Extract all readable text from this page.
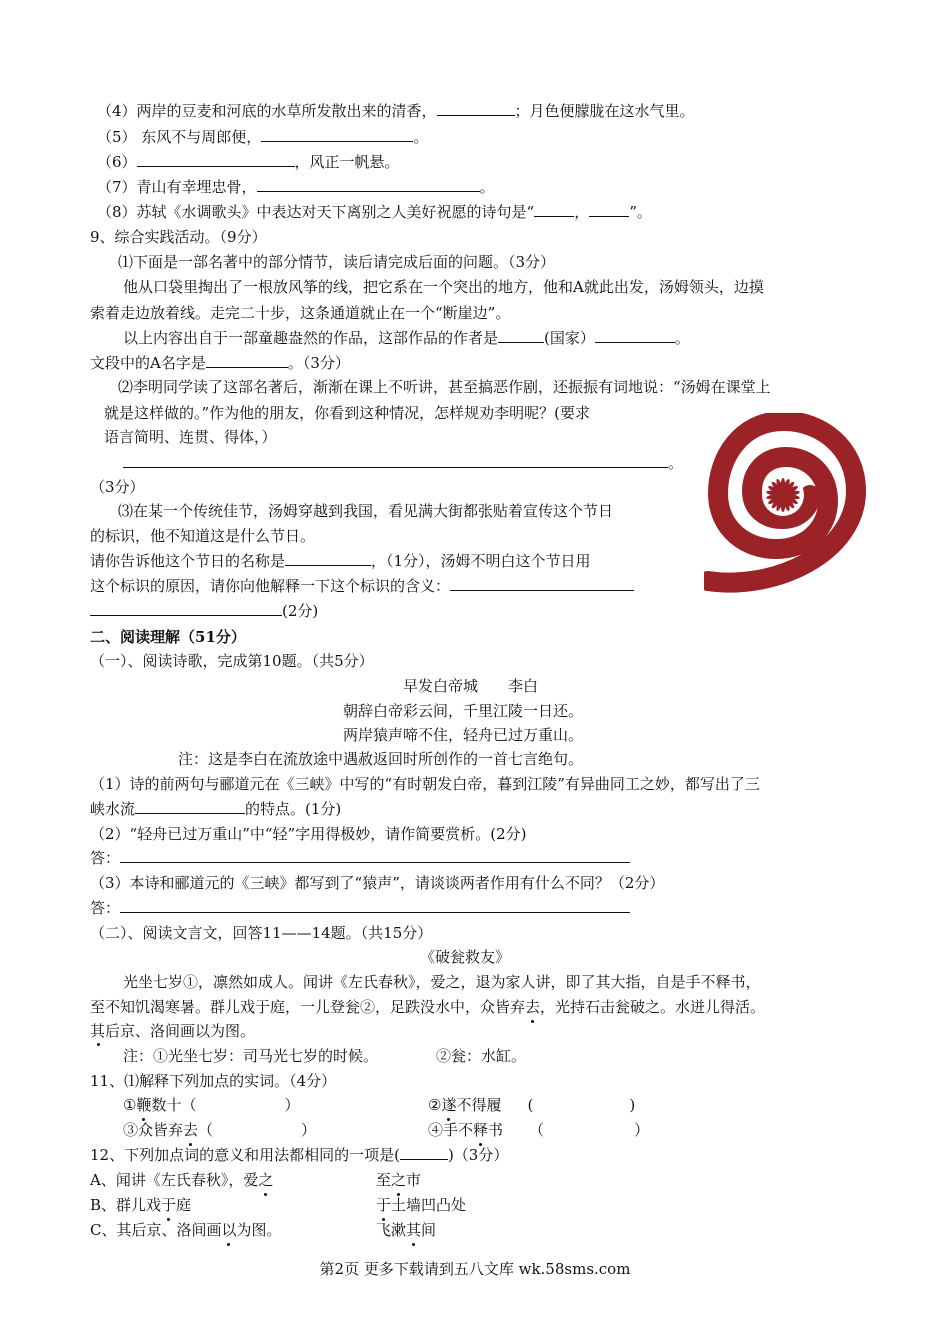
（4）两岸的豆麦和河底的水草所发散出来的清香，	；月色便朦胧在这水气里。
（5） 东风不与周郎便，	。
（6）	，风正一帆悬。
（7）青山有幸埋忠骨，	。
（8）苏轼《水调歌头》中表达对天下离别之人美好祝愿的诗句是“	，	”。
9、综合实践活动。（9分）
⑴下面是一部名著中的部分情节，读后请完成后面的问题。（3分）
他从口袋里掏出了一根放风筝的线，把它系在一个突出的地方，他和A就此出发，汤姆领头，边摸
索着走边放着线。走完二十步，这条通道就止在一个“断崖边”。
以上内容出自于一部童趣盎然的作品，这部作品的作者是	(国家）	。
文段中的A名字是	。（3分）
⑵李明同学读了这部名著后，渐渐在课上不听讲，甚至搞恶作剧，还振振有词地说：“汤姆在课堂上
就是这样做的。”作为他的朋友，你看到这种情况，怎样规劝李明呢？(要求
语言简明、连贯、得体，）
。
（3分）
⑶在某一个传统佳节，汤姆穿越到我国，看见满大街都张贴着宣传这个节日
的标识，他不知道这是什么节日。
请你告诉他这个节日的名称是	，（1分），汤姆不明白这个节日用
这个标识的原因，请你向他解释一下这个标识的含义：
(2分)
二、阅读理解（51分）
（一）、阅读诗歌，完成第10题。（共5分）
早发白帝城 李白
朝辞白帝彩云间，千里江陵一日还。
两岸猿声啼不住，轻舟已过万重山。
注：这是李白在流放途中遇赦返回时所创作的一首七言绝句。
（1）诗的前两句与郦道元在《三峡》中写的“有时朝发白帝，暮到江陵”有异曲同工之妙，都写出了三
峡水流	的特点。(1分)
（2）“轻舟已过万重山”中“轻”字用得极妙，请作简要赏析。(2分)
答：
（3）本诗和郦道元的《三峡》都写到了“猿声”，请谈谈两者作用有什么不同？（2分）
答：
（二）、阅读文言文，回答11——14题。（共15分）
《破瓮救友》
光坐七岁①，凛然如成人。闻讲《左氏春秋》，爱之，退为家人讲，即了其大指，自是手不释书，
至不知饥渴寒暑。群儿戏于庭，一儿登瓮②，足跌没水中，众皆弃去，光持石击瓮破之。水迸儿得活。
其后京、洛间画以为图。
注：①光坐七岁：司马光七岁的时候。	②瓮：水缸。
11、⑴解释下列加点的实词。（4分）
①鞭数十（	）	②遂不得履 (	)
③众皆弃去（	）	④手不释书 （	）
12、下列加点词的意义和用法都相同的一项是(	)（3分）
A、闻讲《左氏春秋》，爱之	至之市
B、群儿戏于庭	于土墙凹凸处
C、其后京、洛间画以为图。	飞漱其间
第2页 更多下载请到五八文库 wk.58sms.com
